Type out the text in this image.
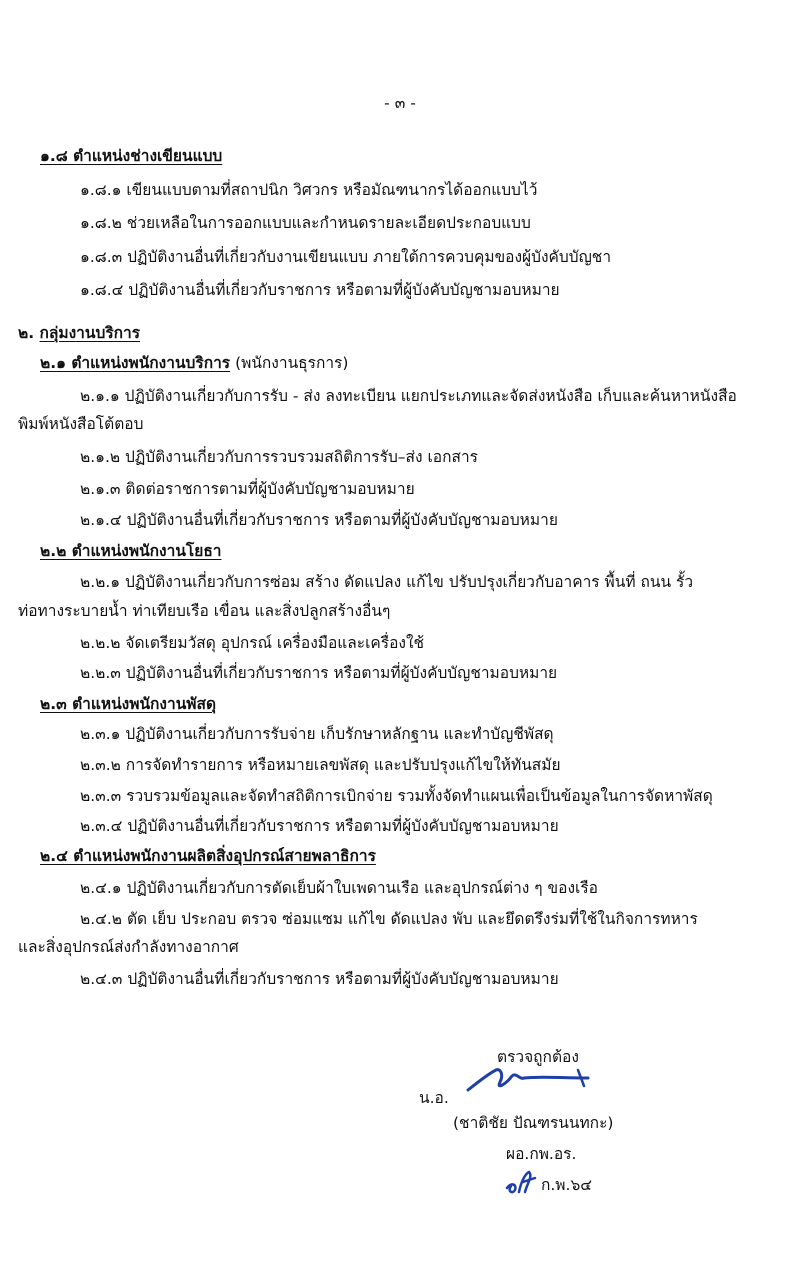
- ๓ -
๑.๘ ตำแหน่งช่างเขียนแบบ
๑.๘.๑ เขียนแบบตามที่สถาปนิก วิศวกร หรือมัณฑนากรได้ออกแบบไว้
๑.๘.๒ ช่วยเหลือในการออกแบบและกำหนดรายละเอียดประกอบแบบ
๑.๘.๓ ปฏิบัติงานอื่นที่เกี่ยวกับงานเขียนแบบ ภายใต้การควบคุมของผู้บังคับบัญชา
๑.๘.๔ ปฏิบัติงานอื่นที่เกี่ยวกับราชการ หรือตามที่ผู้บังคับบัญชามอบหมาย
๒. กลุ่มงานบริการ
๒.๑ ตำแหน่งพนักงานบริการ (พนักงานธุรการ)
๒.๑.๑ ปฏิบัติงานเกี่ยวกับการรับ - ส่ง ลงทะเบียน แยกประเภทและจัดส่งหนังสือ เก็บและค้นหาหนังสือ
พิมพ์หนังสือโต้ตอบ
๒.๑.๒ ปฏิบัติงานเกี่ยวกับการรวบรวมสถิติการรับ–ส่ง เอกสาร
๒.๑.๓ ติดต่อราชการตามที่ผู้บังคับบัญชามอบหมาย
๒.๑.๔ ปฏิบัติงานอื่นที่เกี่ยวกับราชการ หรือตามที่ผู้บังคับบัญชามอบหมาย
๒.๒ ตำแหน่งพนักงานโยธา
๒.๒.๑ ปฏิบัติงานเกี่ยวกับการซ่อม สร้าง ดัดแปลง แก้ไข ปรับปรุงเกี่ยวกับอาคาร พื้นที่ ถนน รั้ว
ท่อทางระบายน้ำ ท่าเทียบเรือ เขื่อน และสิ่งปลูกสร้างอื่นๆ
๒.๒.๒ จัดเตรียมวัสดุ อุปกรณ์ เครื่องมือและเครื่องใช้
๒.๒.๓ ปฏิบัติงานอื่นที่เกี่ยวกับราชการ หรือตามที่ผู้บังคับบัญชามอบหมาย
๒.๓ ตำแหน่งพนักงานพัสดุ
๒.๓.๑ ปฏิบัติงานเกี่ยวกับการรับจ่าย เก็บรักษาหลักฐาน และทำบัญชีพัสดุ
๒.๓.๒ การจัดทำรายการ หรือหมายเลขพัสดุ และปรับปรุงแก้ไขให้ทันสมัย
๒.๓.๓ รวบรวมข้อมูลและจัดทำสถิติการเบิกจ่าย รวมทั้งจัดทำแผนเพื่อเป็นข้อมูลในการจัดหาพัสดุ
๒.๓.๔ ปฏิบัติงานอื่นที่เกี่ยวกับราชการ หรือตามที่ผู้บังคับบัญชามอบหมาย
๒.๔ ตำแหน่งพนักงานผลิตสิ่งอุปกรณ์สายพลาธิการ
๒.๔.๑ ปฏิบัติงานเกี่ยวกับการตัดเย็บผ้าใบเพดานเรือ และอุปกรณ์ต่าง ๆ ของเรือ
๒.๔.๒ ตัด เย็บ ประกอบ ตรวจ ซ่อมแซม แก้ไข ดัดแปลง พับ และยึดตรึงร่มที่ใช้ในกิจการทหาร
และสิ่งอุปกรณ์ส่งกำลังทางอากาศ
๒.๔.๓ ปฏิบัติงานอื่นที่เกี่ยวกับราชการ หรือตามที่ผู้บังคับบัญชามอบหมาย
ตรวจถูกต้อง
น.อ.
(ชาติชัย ปัณฑรนนทกะ)
ผอ.กพ.อร.
ก.พ.๖๔
